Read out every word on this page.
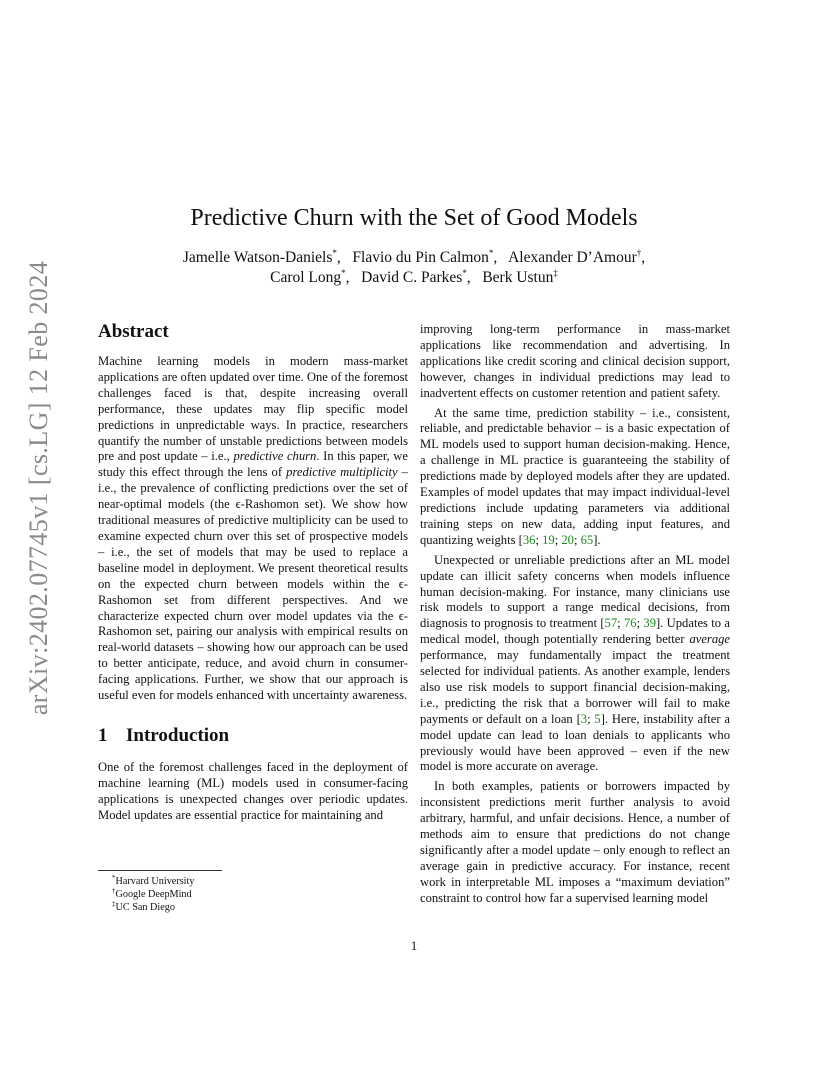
arXiv:2402.07745v1 [cs.LG] 12 Feb 2024
Predictive Churn with the Set of Good Models
Jamelle Watson-Daniels*,   Flavio du Pin Calmon*,   Alexander D’Amour†,
Carol Long*,   David C. Parkes*,   Berk Ustun‡
Abstract

Machine learning models in modern mass-market applications are often updated over time. One of the foremost challenges faced is that, despite increasing overall performance, these updates may flip specific model predictions in unpredictable ways. In practice, researchers quantify the number of unstable predictions between models pre and post update – i.e., predictive churn. In this paper, we study this effect through the lens of predictive multiplicity – i.e., the prevalence of conflicting predictions over the set of near-optimal models (the ϵ-Rashomon set). We show how traditional measures of predictive multiplicity can be used to examine expected churn over this set of prospective models – i.e., the set of models that may be used to replace a baseline model in deployment. We present theoretical results on the expected churn between models within the ϵ-Rashomon set from different perspectives. And we characterize expected churn over model updates via the ϵ-Rashomon set, pairing our analysis with empirical results on real-world datasets – showing how our approach can be used to better anticipate, reduce, and avoid churn in consumer-facing applications. Further, we show that our approach is useful even for models enhanced with uncertainty awareness.

1 Introduction

One of the foremost challenges faced in the deployment of machine learning (ML) models used in consumer-facing applications is unexpected changes over periodic updates. Model updates are essential practice for maintaining and

improving long-term performance in mass-market applications like recommendation and advertising. In applications like credit scoring and clinical decision support, however, changes in individual predictions may lead to inadvertent effects on customer retention and patient safety.

At the same time, prediction stability – i.e., consistent, reliable, and predictable behavior – is a basic expectation of ML models used to support human decision-making. Hence, a challenge in ML practice is guaranteeing the stability of predictions made by deployed models after they are updated. Examples of model updates that may impact individual-level predictions include updating parameters via additional training steps on new data, adding input features, and quantizing weights [36; 19; 20; 65].

Unexpected or unreliable predictions after an ML model update can illicit safety concerns when models influence human decision-making. For instance, many clinicians use risk models to support a range medical decisions, from diagnosis to prognosis to treatment [57; 76; 39]. Updates to a medical model, though potentially rendering better average performance, may fundamentally impact the treatment selected for individual patients. As another example, lenders also use risk models to support financial decision-making, i.e., predicting the risk that a borrower will fail to make payments or default on a loan [3; 5]. Here, instability after a model update can lead to loan denials to applicants who previously would have been approved – even if the new model is more accurate on average.

In both examples, patients or borrowers impacted by inconsistent predictions merit further analysis to avoid arbitrary, harmful, and unfair decisions. Hence, a number of methods aim to ensure that predictions do not change significantly after a model update – only enough to reflect an average gain in predictive accuracy. For instance, recent work in interpretable ML imposes a “maximum deviation” constraint to control how far a supervised learning model

*Harvard University
†Google DeepMind
‡UC San Diego
1
